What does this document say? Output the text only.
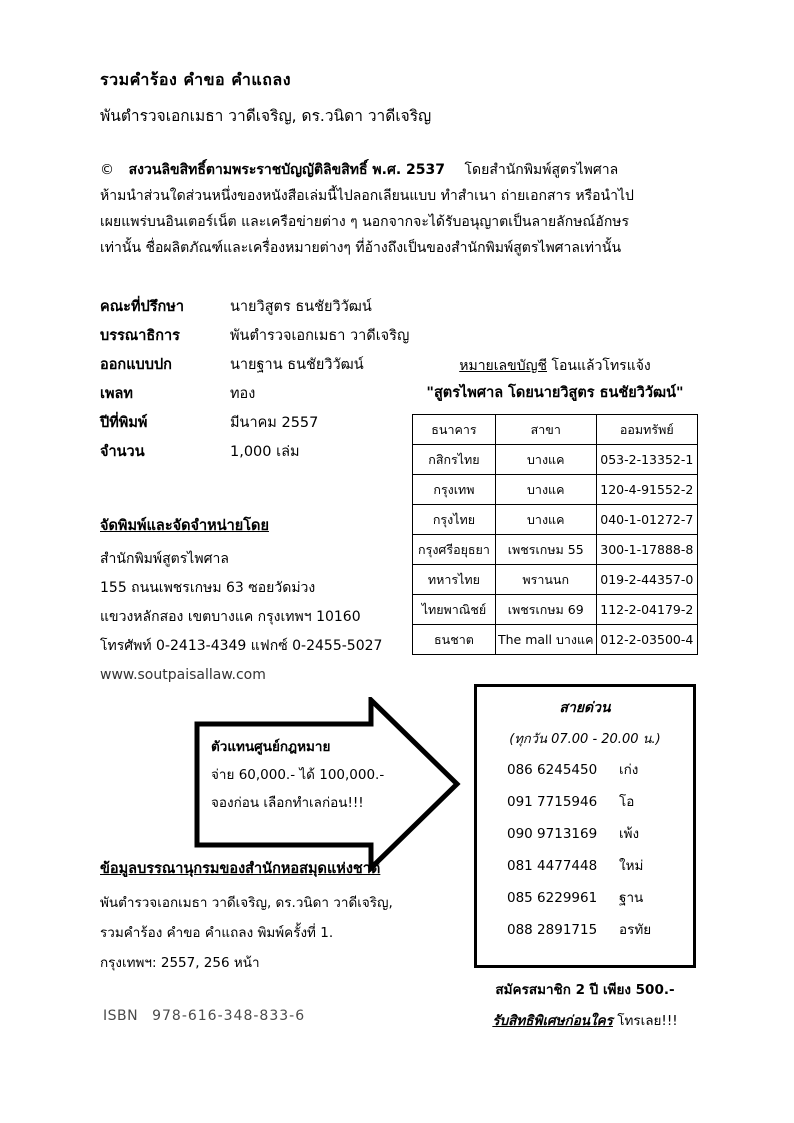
รวมคำร้อง คำขอ คำแถลง
พันตำรวจเอกเมธา วาดีเจริญ, ดร.วนิดา วาดีเจริญ
© สงวนลิขสิทธิ์ตามพระราชบัญญัติลิขสิทธิ์ พ.ศ. 2537 โดยสำนักพิมพ์สูตรไพศาล
ห้ามนำส่วนใดส่วนหนึ่งของหนังสือเล่มนี้ไปลอกเลียนแบบ ทำสำเนา ถ่ายเอกสาร หรือนำไป
เผยแพร่บนอินเตอร์เน็ต และเครือข่ายต่าง ๆ นอกจากจะได้รับอนุญาตเป็นลายลักษณ์อักษร
เท่านั้น ชื่อผลิตภัณฑ์และเครื่องหมายต่างๆ ที่อ้างถึงเป็นของสำนักพิมพ์สูตรไพศาลเท่านั้น
คณะที่ปรึกษา	นายวิสูตร ธนชัยวิวัฒน์
บรรณาธิการ	พันตำรวจเอกเมธา วาดีเจริญ
ออกแบบปก	นายฐาน ธนชัยวิวัฒน์
เพลท	ทอง
ปีที่พิมพ์	มีนาคม 2557
จำนวน	1,000 เล่ม
จัดพิมพ์และจัดจำหน่ายโดย
สำนักพิมพ์สูตรไพศาล
155 ถนนเพชรเกษม 63 ซอยวัดม่วง
แขวงหลักสอง เขตบางแค กรุงเทพฯ 10160
โทรศัพท์ 0-2413-4349 แฟกซ์ 0-2455-5027
www.soutpaisallaw.com
หมายเลขบัญชี โอนแล้วโทรแจ้ง
"สูตรไพศาล โดยนายวิสูตร ธนชัยวิวัฒน์"
ธนาคาร	สาขา	ออมทรัพย์
กสิกรไทย	บางแค	053-2-13352-1
กรุงเทพ	บางแค	120-4-91552-2
กรุงไทย	บางแค	040-1-01272-7
กรุงศรีอยุธยา	เพชรเกษม 55	300-1-17888-8
ทหารไทย	พรานนก	019-2-44357-0
ไทยพาณิชย์	เพชรเกษม 69	112-2-04179-2
ธนชาต	The mall บางแค	012-2-03500-4
ตัวแทนศูนย์กฎหมาย
จ่าย 60,000.- ได้ 100,000.-
จองก่อน เลือกทำเลก่อน!!!
สายด่วน
(ทุกวัน 07.00 - 20.00 น.)
086 6245450	เก่ง
091 7715946	โอ
090 9713169	เพ้ง
081 4477448	ใหม่
085 6229961	ฐาน
088 2891715	อรทัย
สมัครสมาชิก 2 ปี เพียง 500.-
รับสิทธิพิเศษก่อนใคร โทรเลย!!!
ข้อมูลบรรณานุกรมของสำนักหอสมุดแห่งชาติ
พันตำรวจเอกเมธา วาดีเจริญ, ดร.วนิดา วาดีเจริญ,
รวมคำร้อง คำขอ คำแถลง พิมพ์ครั้งที่ 1.
กรุงเทพฯ: 2557, 256 หน้า
ISBN 978-616-348-833-6
